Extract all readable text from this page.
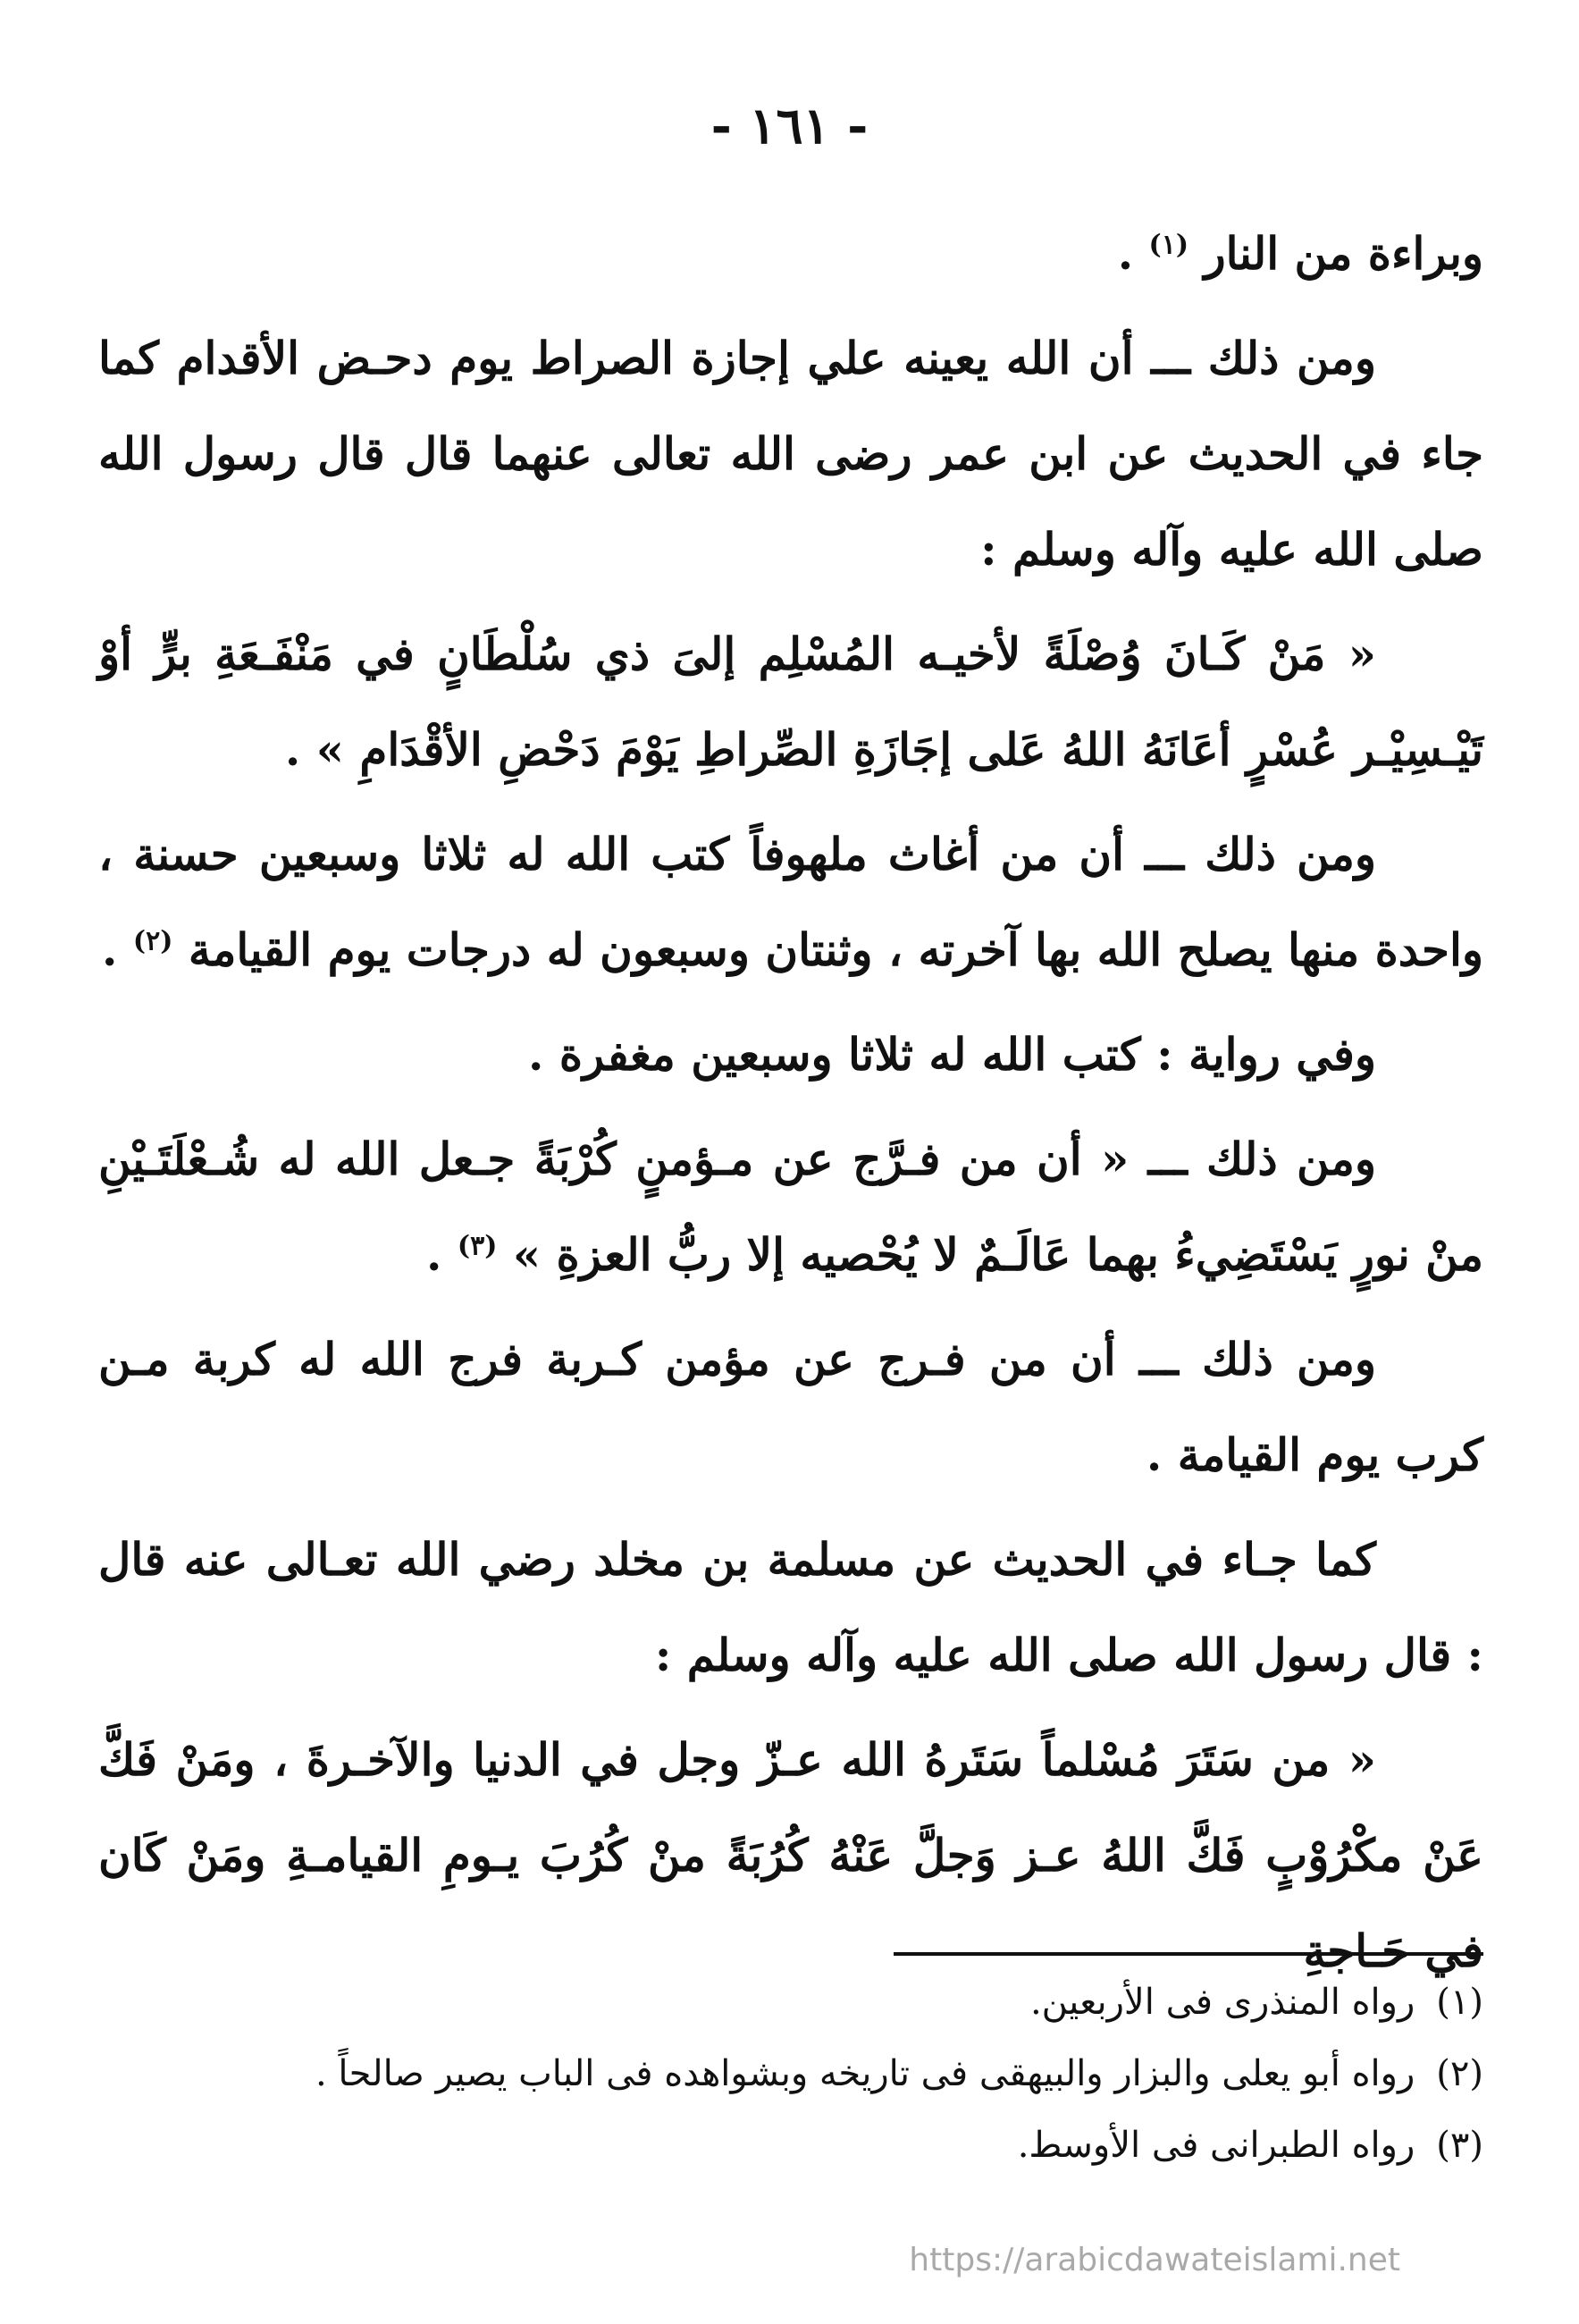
- ١٦١ -

وبراءة من النار $^{(١)}$ .

ومن ذلك ـــ أن الله يعينه علي إجازة الصراط يوم دحـض الأقدام كما جاء في الحديث عن ابن عمر رضى الله تعالى عنهما قال قال رسول الله صلى الله عليه وآله وسلم :

« مَنْ كَـانَ وُصْلَةً لأخيـه المُسْلِم إلىَ ذي سُلْطَانٍ في مَنْفَـعَةِ برٍّ أوْ تَيْـسِيْـر عُسْرٍ أعَانَهُ اللهُ عَلى إجَازَةِ الصِّراطِ يَوْمَ دَحْضِ الأقْدَامِ » .

ومن ذلك ـــ أن من أغاث ملهوفاً كتب الله له ثلاثا وسبعين حسنة ، واحدة منها يصلح الله بها آخرته ، وثنتان وسبعون له درجات يوم القيامة $^{(٢)}$ .

وفي رواية : كتب الله له ثلاثا وسبعين مغفرة .

ومن ذلك ـــ « أن من فـرَّج عن مـؤمنٍ كُرْبَةً جـعل الله له شُـعْلَتَـيْنِ منْ نورٍ يَسْتَضِيءُ بهما عَالَـمٌ لا يُحْصيه إلا ربُّ العزةِ » $^{(٣)}$ .

ومن ذلك ـــ أن من فـرج عن مؤمن كـربة فرج الله له كربة مـن كرب يوم القيامة .

كما جـاء في الحديث عن مسلمة بن مخلد رضي الله تعـالى عنه قال : قال رسول الله صلى الله عليه وآله وسلم :

« من سَتَرَ مُسْلماً سَتَرهُ الله عـزّ وجل في الدنيا والآخـرةَ ، ومَنْ فَكَّ عَنْ مكْرُوْبٍ فَكَّ اللهُ عـز وَجلَّ عَنْهُ كُرُبَةً منْ كُرُبَ يـومِ القيامـةِ ومَنْ كَان في حَـاجةِ

(١)
رواه المنذرى فى الأربعين.

(٢)
رواه أبو يعلى والبزار والبيهقى فى تاريخه وبشواهده فى الباب يصير صالحاً .

(٣)
رواه الطبرانى فى الأوسط.

https://arabicdawateislami.net
